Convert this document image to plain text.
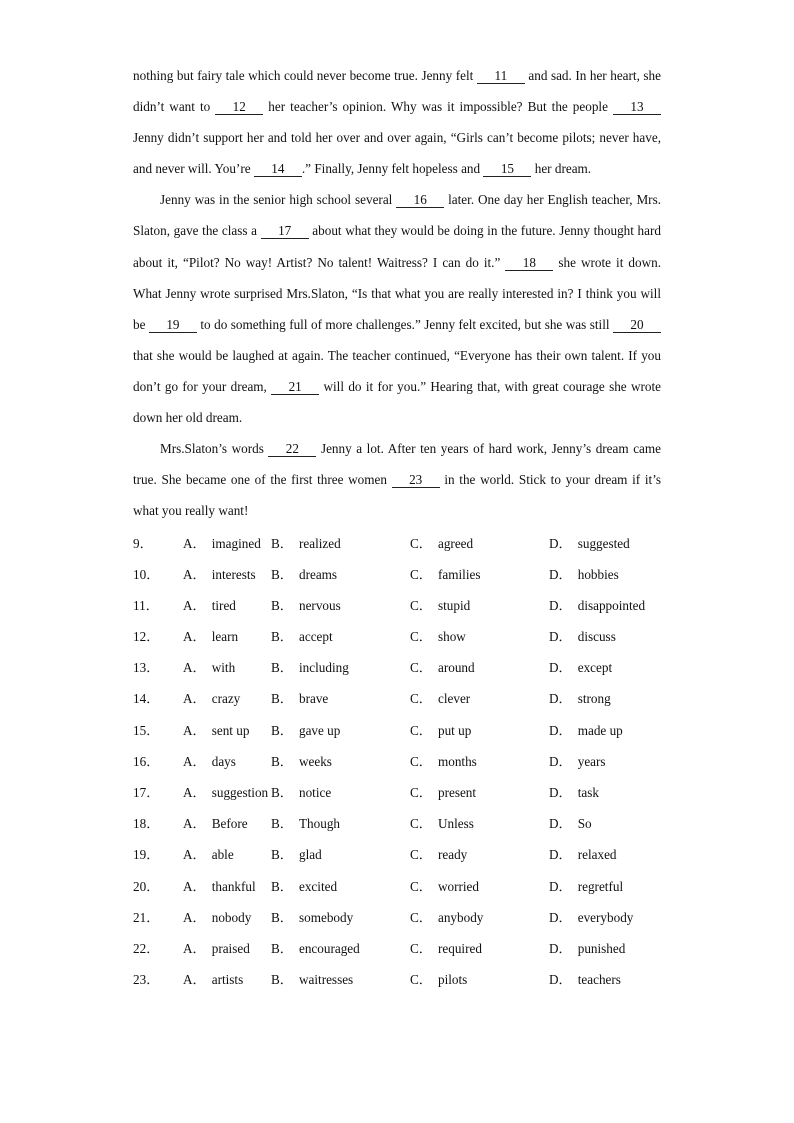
nothing but fairy tale which could never become true. Jenny felt 11 and sad. In her heart, she didn’t want to 12 her teacher’s opinion. Why was it impossible? But the people 13 Jenny didn’t support her and told her over and over again, “Girls can’t become pilots; never have, and never will. You’re 14 .” Finally, Jenny felt hopeless and 15 her dream.

Jenny was in the senior high school several 16 later. One day her English teacher, Mrs. Slaton, gave the class a 17 about what they would be doing in the future. Jenny thought hard about it, “Pilot? No way! Artist? No talent! Waitress? I can do it.” 18 she wrote it down. What Jenny wrote surprised Mrs.Slaton, “Is that what you are really interested in? I think you will be 19 to do something full of more challenges.” Jenny felt excited, but she was still 20 that she would be laughed at again. The teacher continued, “Everyone has their own talent. If you don’t go for your dream, 21 will do it for you.” Hearing that, with great courage she wrote down her old dream.

Mrs.Slaton’s words 22 Jenny a lot. After ten years of hard work, Jenny’s dream came true. She became one of the first three women 23 in the world. Stick to your dream if it’s what you really want!

9．	A． imagined B． realized	C． agreed	D． suggested
10．	A． interests	B． dreams	C． families	D． hobbies
11．	A． tired	B． nervous	C． stupid	D． disappointed
12．	A． learn	B． accept	C． show	D． discuss
13．	A． with	B． including	C． around	D． except
14．	A． crazy	B． brave	C． clever	D． strong
15．	A． sent up	B． gave up	C． put up	D． made up
16．	A． days	B． weeks	C． months	D． years
17．	A． suggestion B． notice	C． present	D． task
18．	A． Before	B． Though	C． Unless	D． So
19．	A． able	B． glad	C． ready	D． relaxed
20．	A． thankful	B． excited	C． worried	D． regretful
21．	A． nobody	B． somebody	C． anybody	D． everybody
22．	A． praised	B． encouraged	C． required	D． punished
23．	A． artists	B． waitresses	C． pilots	D． teachers
